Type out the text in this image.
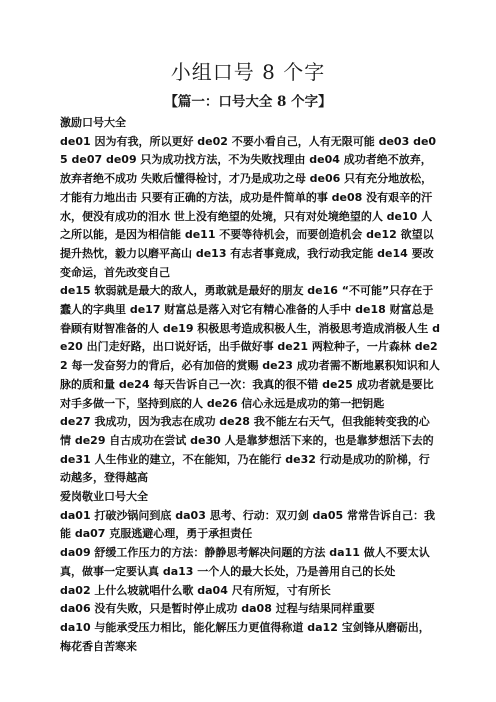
小组口号 8 个字
【篇一：口号大全 8 个字】

激励口号大全

de01 因为有我，所以更好 de02 不要小看自己，人有无限可能 de03 de05 de07 de09 只为成功找方法，不为失败找理由 de04 成功者绝不放弃，放弃者绝不成功 失败后懂得检讨，才乃是成功之母 de06 只有充分地放松，才能有力地出击 只要有正确的方法，成功是件简单的事 de08 没有艰辛的汗水，便没有成功的泪水 世上没有绝望的处境，只有对处境绝望的人 de10 人之所以能，是因为相信能 de11 不要等待机会，而要创造机会 de12 欲望以提升热忱，毅力以磨平高山 de13 有志者事竟成，我行动我定能 de14 要改变命运，首先改变自己

de15 软弱就是最大的敌人，勇敢就是最好的朋友 de16 “不可能”只存在于蠢人的字典里 de17 财富总是落入对它有精心准备的人手中 de18 财富总是眷顾有财智准备的人 de19 积极思考造成积极人生，消极思考造成消极人生 de20 出门走好路，出口说好话，出手做好事 de21 两粒种子，一片森林 de22 每一发奋努力的背后，必有加倍的赏赐 de23 成功者需不断地累积知识和人脉的质和量 de24 每天告诉自己一次：我真的很不错 de25 成功者就是要比对手多做一下，坚持到底的人 de26 信心永远是成功的第一把钥匙

de27 我成功，因为我志在成功 de28 我不能左右天气，但我能转变我的心情 de29 自古成功在尝试 de30 人是靠梦想活下来的，也是靠梦想活下去的 de31 人生伟业的建立，不在能知，乃在能行 de32 行动是成功的阶梯，行动越多，登得越高

爱岗敬业口号大全

da01 打破沙锅问到底 da03 思考、行动：双刃剑 da05 常常告诉自己：我能 da07 克服逃避心理，勇于承担责任

da09 舒缓工作压力的方法：静静思考解决问题的方法 da11 做人不要太认真，做事一定要认真 da13 一个人的最大长处，乃是善用自己的长处

da02 上什么坡就唱什么歌 da04 尺有所短，寸有所长

da06 没有失败，只是暂时停止成功 da08 过程与结果同样重要

da10 与能承受压力相比，能化解压力更值得称道 da12 宝剑锋从磨砺出，梅花香自苦寒来
